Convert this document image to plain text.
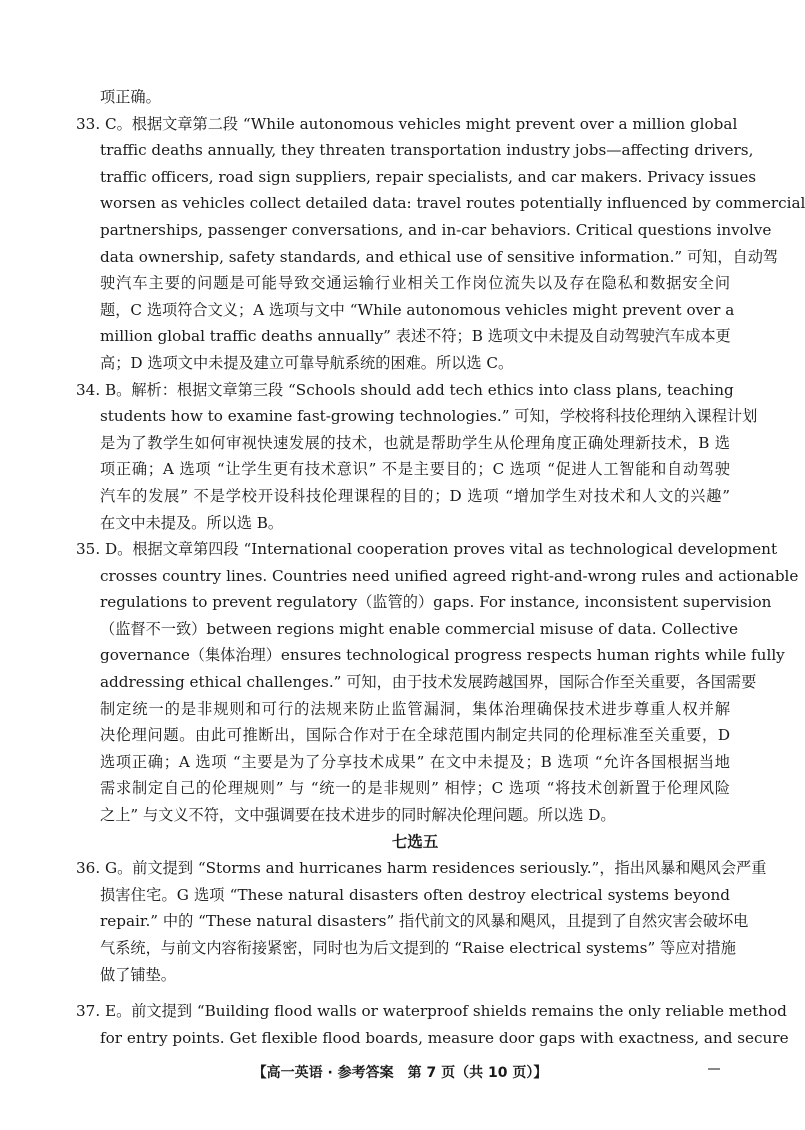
项正确。
33. C。根据文章第二段 “While autonomous vehicles might prevent over a million global
traffic deaths annually, they threaten transportation industry jobs—affecting drivers,
traffic officers, road sign suppliers, repair specialists, and car makers. Privacy issues
worsen as vehicles collect detailed data: travel routes potentially influenced by commercial
partnerships, passenger conversations, and in-car behaviors. Critical questions involve
data ownership, safety standards, and ethical use of sensitive information.” 可知，自动驾
驶汽车主要的问题是可能导致交通运输行业相关工作岗位流失以及存在隐私和数据安全问
题，C 选项符合文义；A 选项与文中 “While autonomous vehicles might prevent over a
million global traffic deaths annually” 表述不符；B 选项文中未提及自动驾驶汽车成本更
高；D 选项文中未提及建立可靠导航系统的困难。所以选 C。
34. B。解析：根据文章第三段 “Schools should add tech ethics into class plans, teaching
students how to examine fast-growing technologies.” 可知，学校将科技伦理纳入课程计划
是为了教学生如何审视快速发展的技术，也就是帮助学生从伦理角度正确处理新技术，B 选
项正确；A 选项 “让学生更有技术意识” 不是主要目的；C 选项 “促进人工智能和自动驾驶
汽车的发展” 不是学校开设科技伦理课程的目的；D 选项 “增加学生对技术和人文的兴趣”
在文中未提及。所以选 B。
35. D。根据文章第四段 “International cooperation proves vital as technological development
crosses country lines. Countries need unified agreed right-and-wrong rules and actionable
regulations to prevent regulatory（监管的）gaps. For instance, inconsistent supervision
（监督不一致）between regions might enable commercial misuse of data. Collective
governance（集体治理）ensures technological progress respects human rights while fully
addressing ethical challenges.” 可知，由于技术发展跨越国界，国际合作至关重要，各国需要
制定统一的是非规则和可行的法规来防止监管漏洞，集体治理确保技术进步尊重人权并解
决伦理问题。由此可推断出，国际合作对于在全球范围内制定共同的伦理标准至关重要，D
选项正确；A 选项 “主要是为了分享技术成果” 在文中未提及；B 选项 “允许各国根据当地
需求制定自己的伦理规则” 与 “统一的是非规则” 相悖；C 选项 “将技术创新置于伦理风险
之上” 与文义不符，文中强调要在技术进步的同时解决伦理问题。所以选 D。
七选五
36. G。前文提到 “Storms and hurricanes harm residences seriously.”，指出风暴和飓风会严重
损害住宅。G 选项 “These natural disasters often destroy electrical systems beyond
repair.” 中的 “These natural disasters” 指代前文的风暴和飓风，且提到了自然灾害会破坏电
气系统，与前文内容衔接紧密，同时也为后文提到的 “Raise electrical systems” 等应对措施
做了铺垫。
37. E。前文提到 “Building flood walls or waterproof shields remains the only reliable method
for entry points. Get flexible flood boards, measure door gaps with exactness, and secure
【高一英语 · 参考答案　第 7 页（共 10 页）】
